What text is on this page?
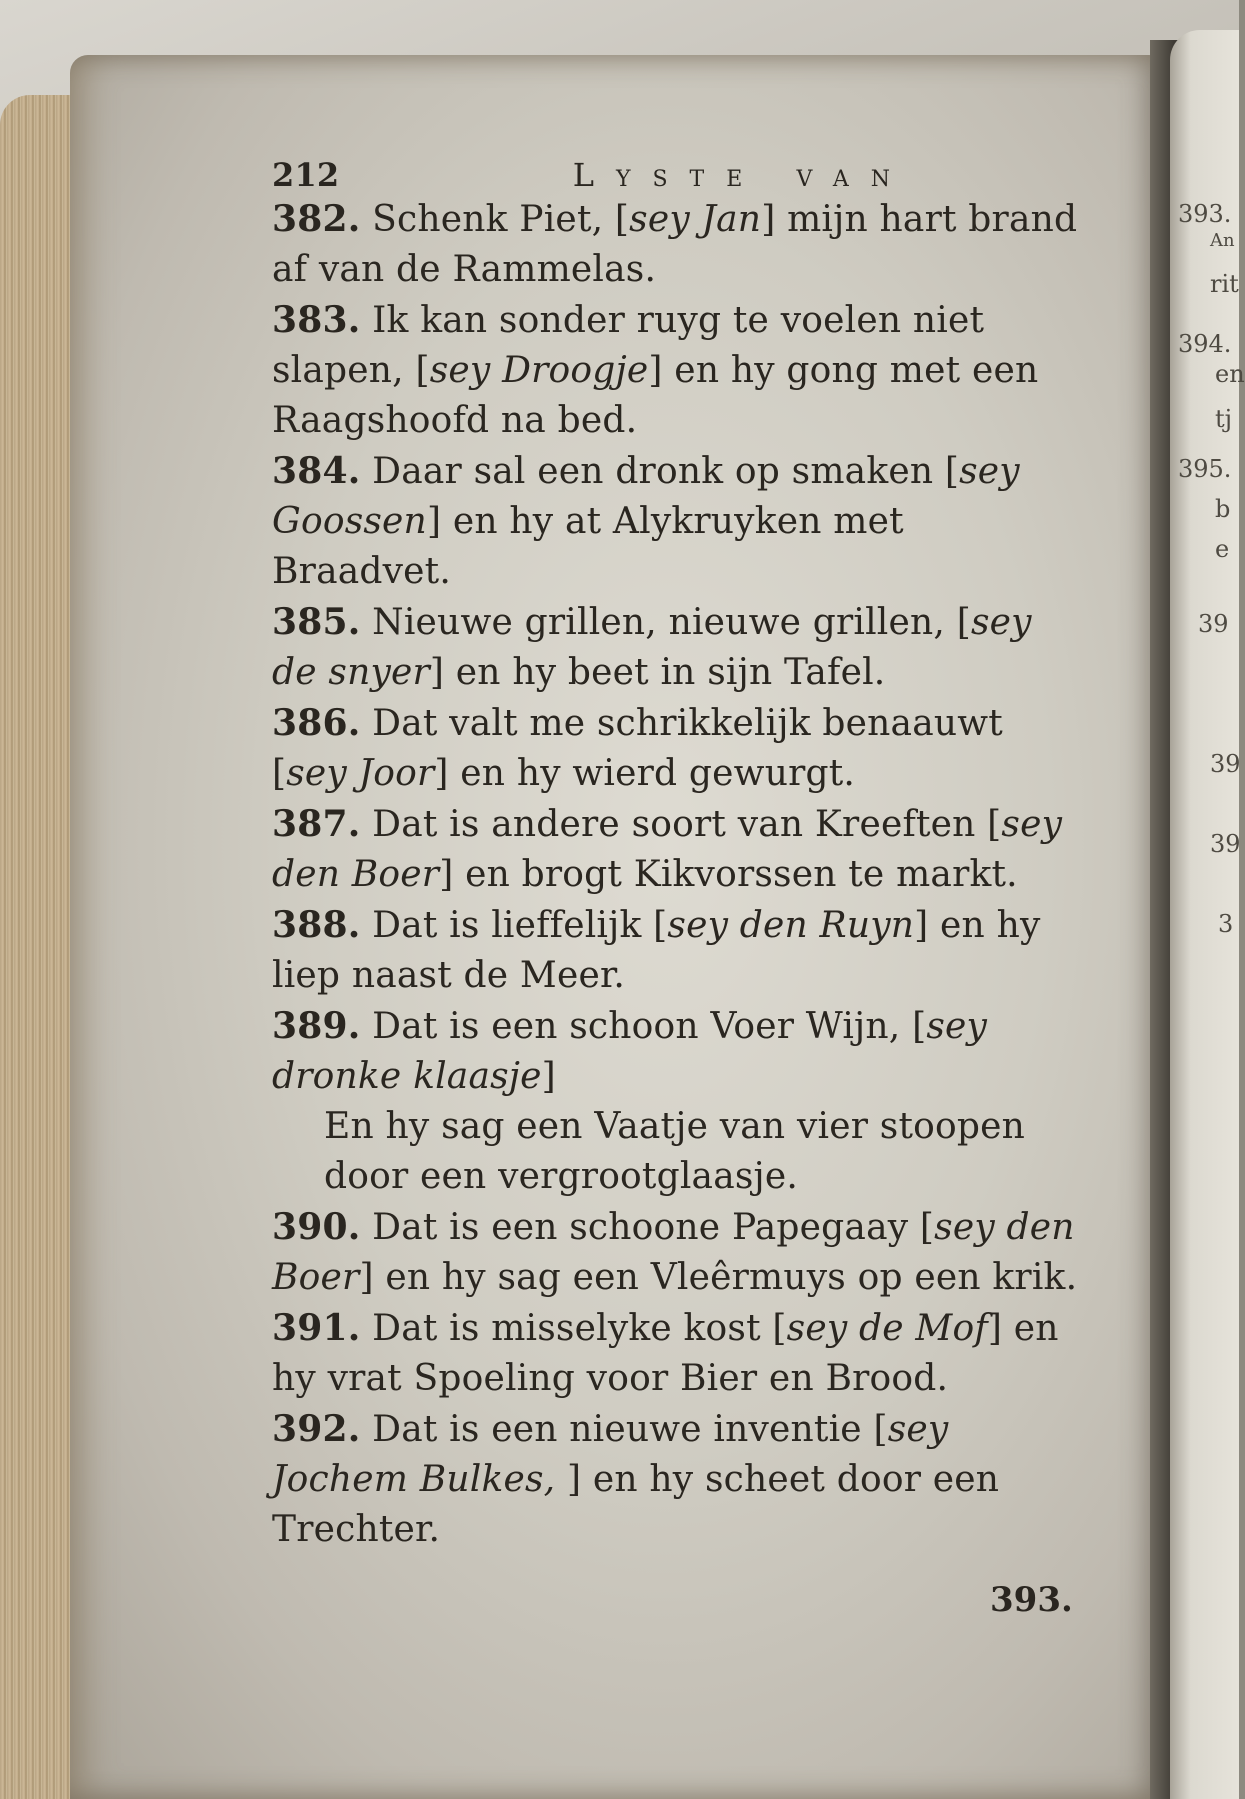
393.
An
rit
394.
en
tj
395.
b
e
39
39
39
3
212	Lyste van

382. Schenk Piet, [sey Jan] mijn hart brand af van de Rammelas.

383. Ik kan sonder ruyg te voelen niet slapen, [sey Droogje] en hy gong met een Raagshoofd na bed.

384. Daar sal een dronk op smaken [sey Goossen] en hy at Alykruyken met Braadvet.

385. Nieuwe grillen, nieuwe grillen, [sey de snyer] en hy beet in sijn Tafel.

386. Dat valt me schrikkelijk benaauwt [sey Joor] en hy wierd gewurgt.

387. Dat is andere soort van Kreeften [sey den Boer] en brogt Kikvorssen te markt.

388. Dat is lieffelijk [sey den Ruyn] en hy liep naast de Meer.

389. Dat is een schoon Voer Wijn, [sey dronke klaasje]

En hy sag een Vaatje van vier stoopen door een vergrootglaasje.

390. Dat is een schoone Papegaay [sey den Boer] en hy sag een Vleêrmuys op een krik.

391. Dat is misselyke kost [sey de Mof] en hy vrat Spoeling voor Bier en Brood.

392. Dat is een nieuwe inventie [sey Jochem Bulkes, ] en hy scheet door een Trechter.

393.
